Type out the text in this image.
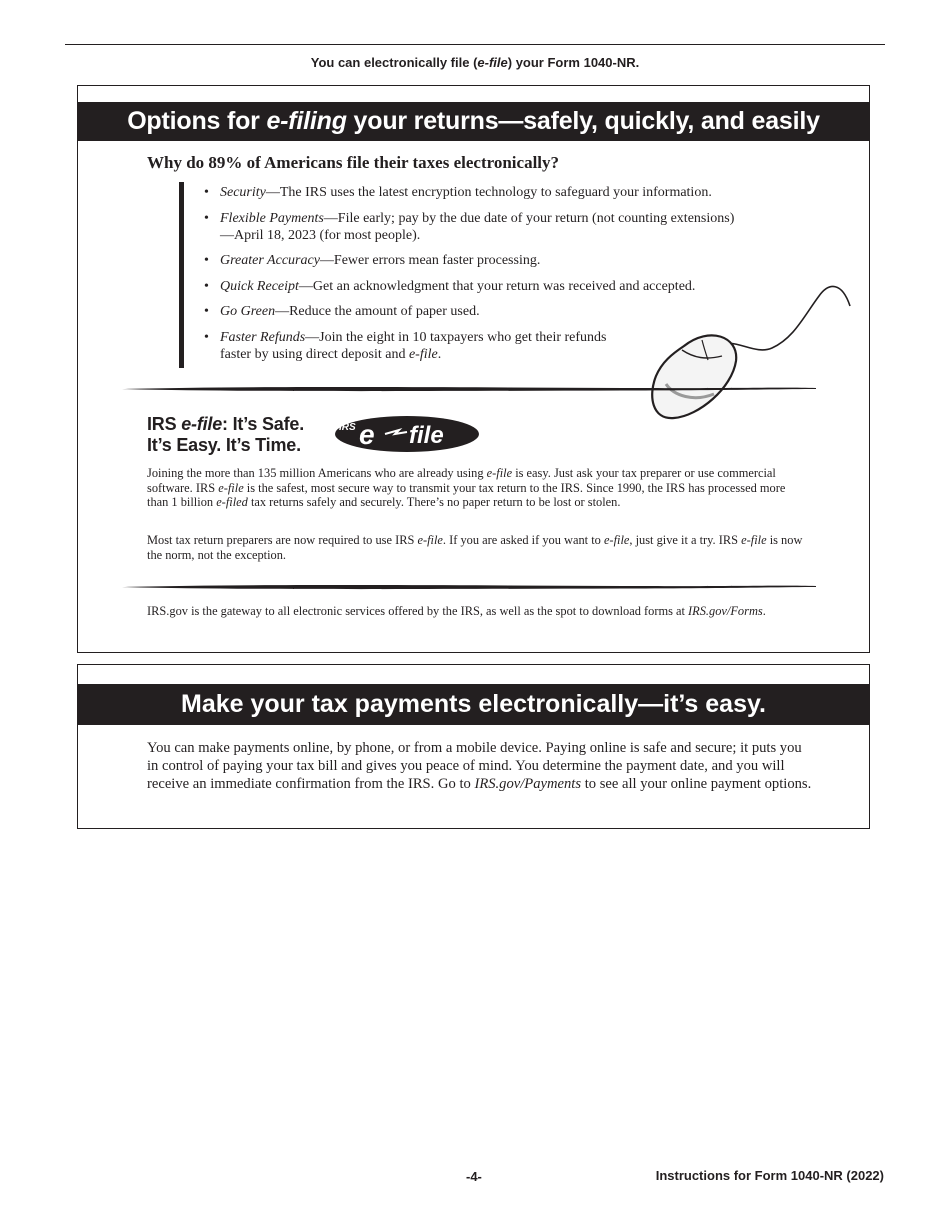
You can electronically file (e-file) your Form 1040-NR.
Options for e-filing your returns—safely, quickly, and easily
Why do 89% of Americans file their taxes electronically?
• Security—The IRS uses the latest encryption technology to safeguard your information.
• Flexible Payments—File early; pay by the due date of your return (not counting extensions)—April 18, 2023 (for most people).
• Greater Accuracy—Fewer errors mean faster processing.
• Quick Receipt—Get an acknowledgment that your return was received and accepted.
• Go Green—Reduce the amount of paper used.
• Faster Refunds—Join the eight in 10 taxpayers who get their refunds faster by using direct deposit and e-file.
IRS e-file: It’s Safe.
It’s Easy. It’s Time.
IRS e file

Joining the more than 135 million Americans who are already using e-file is easy. Just ask your tax preparer or use commercial software. IRS e-file is the safest, most secure way to transmit your tax return to the IRS. Since 1990, the IRS has processed more than 1 billion e-filed tax returns safely and securely. There’s no paper return to be lost or stolen.

Most tax return preparers are now required to use IRS e-file. If you are asked if you want to e-file, just give it a try. IRS e-file is now the norm, not the exception.

IRS.gov is the gateway to all electronic services offered by the IRS, as well as the spot to download forms at IRS.gov/Forms.

Make your tax payments electronically—it’s easy.

You can make payments online, by phone, or from a mobile device. Paying online is safe and secure; it puts you in control of paying your tax bill and gives you peace of mind. You determine the payment date, and you will receive an immediate confirmation from the IRS. Go to IRS.gov/Payments to see all your online payment options.

-4-	Instructions for Form 1040-NR (2022)
